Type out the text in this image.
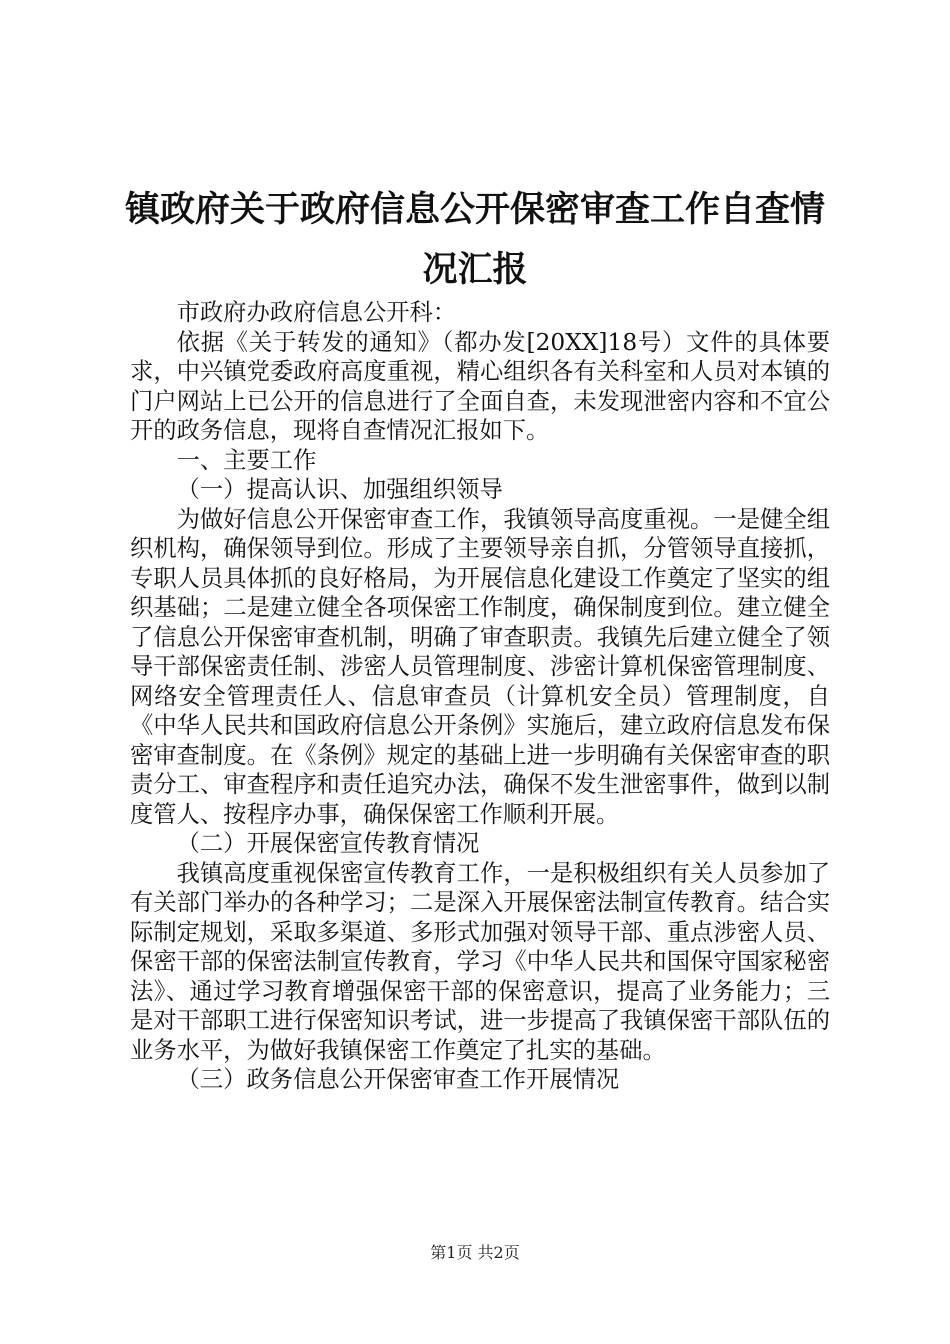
镇政府关于政府信息公开保密审查工作自查情
况汇报

市政府办政府信息公开科：

依据《关于转发的通知》（都办发[20XX]18号）文件的具体要求，中兴镇党委政府高度重视，精心组织各有关科室和人员对本镇的门户网站上已公开的信息进行了全面自查，未发现泄密内容和不宜公开的政务信息，现将自查情况汇报如下。

一、主要工作

（一）提高认识、加强组织领导

为做好信息公开保密审查工作，我镇领导高度重视。一是健全组织机构，确保领导到位。形成了主要领导亲自抓，分管领导直接抓，专职人员具体抓的良好格局，为开展信息化建设工作奠定了坚实的组织基础；二是建立健全各项保密工作制度，确保制度到位。建立健全了信息公开保密审查机制，明确了审查职责。我镇先后建立健全了领导干部保密责任制、涉密人员管理制度、涉密计算机保密管理制度、网络安全管理责任人、信息审查员（计算机安全员）管理制度，自《中华人民共和国政府信息公开条例》实施后，建立政府信息发布保密审查制度。在《条例》规定的基础上进一步明确有关保密审查的职责分工、审查程序和责任追究办法，确保不发生泄密事件，做到以制度管人、按程序办事，确保保密工作顺利开展。

（二）开展保密宣传教育情况

我镇高度重视保密宣传教育工作，一是积极组织有关人员参加了有关部门举办的各种学习；二是深入开展保密法制宣传教育。结合实际制定规划，采取多渠道、多形式加强对领导干部、重点涉密人员、保密干部的保密法制宣传教育，学习《中华人民共和国保守国家秘密法》、通过学习教育增强保密干部的保密意识，提高了业务能力；三是对干部职工进行保密知识考试，进一步提高了我镇保密干部队伍的业务水平，为做好我镇保密工作奠定了扎实的基础。

（三）政务信息公开保密审查工作开展情况

第1页 共2页
